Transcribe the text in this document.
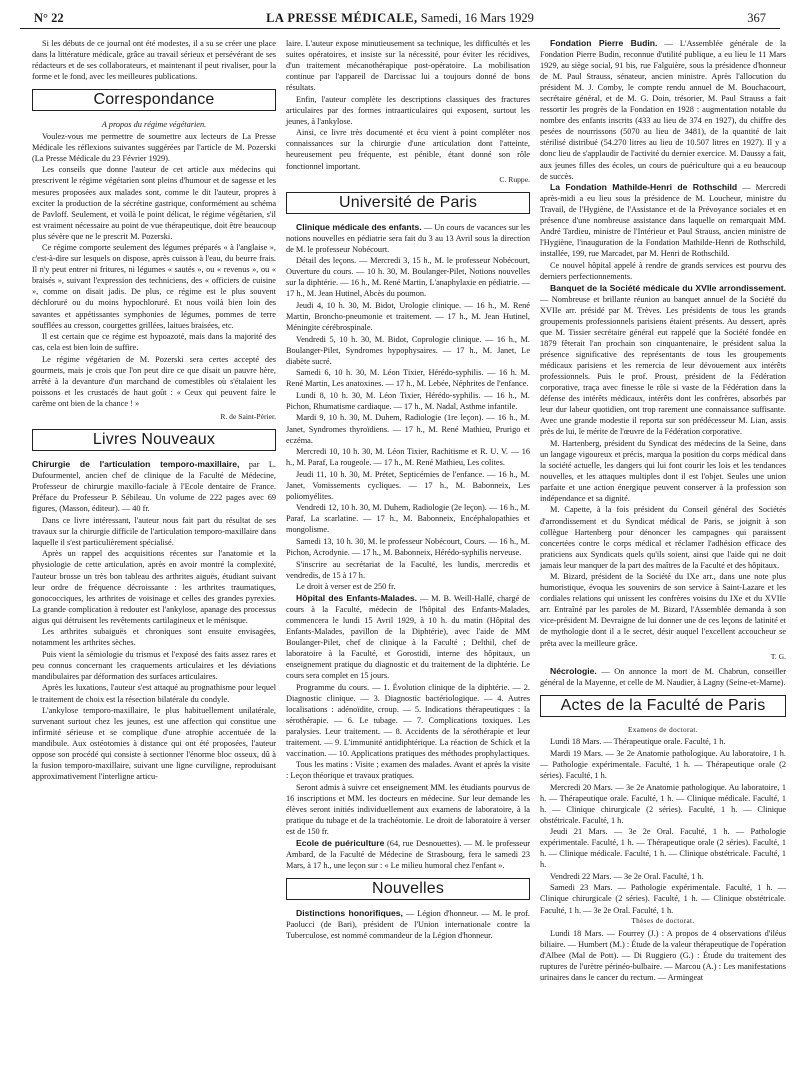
N° 22	LA PRESSE MÉDICALE, Samedi, 16 Mars 1929	367

Si les débuts de ce journal ont été modestes, il a su se créer une place dans la littérature médicale, grâce au travail sérieux et persévérant de ses rédacteurs et de ses collaborateurs, et maintenant il peut rivaliser, pour la forme et le fond, avec les meilleures publications.

Correspondance

A propos du régime végétarien.

Voulez-vous me permettre de soumettre aux lecteurs de La Presse Médicale les réflexions suivantes suggérées par l'article de M. Pozerski (La Presse Médicale du 23 Février 1929).

Les conseils que donne l'auteur de cet article aux médecins qui prescrivent le régime végétarien sont pleins d'humour et de sagesse et les mesures proposées aux malades sont, comme le dit l'auteur, propres à exciter la production de la sécrétine gastrique, conformément au schéma de Pavloff. Seulement, et voilà le point délicat, le régime végétarien, s'il est vraiment nécessaire au point de vue thérapeutique, doit être beaucoup plus sévère que ne le prescrit M. Pozerski.

Ce régime comporte seulement des légumes préparés « à l'anglaise », c'est-à-dire sur lesquels on dispose, après cuisson à l'eau, du beurre frais. Il n'y peut entrer ni fritures, ni légumes « sautés », ou « revenus », ou « braisés », suivant l'expression des techniciens, des « officiers de cuisine », comme on disait jadis. De plus, ce régime est le plus souvent déchloruré ou du moins hypochloruré. Et nous voilà bien loin des savantes et appétissantes symphonies de légumes, pommes de terre soufflées au cresson, courgettes grillées, laitues braisées, etc.

Il est certain que ce régime est hypoazoté, mais dans la majorité des cas, cela est bien loin de suffire.

Le régime végétarien de M. Pozerski sera certes accepté des gourmets, mais je crois que l'on peut dire ce que disait un pauvre hère, arrêté à la devanture d'un marchand de comestibles où s'étalaient les poissons et les crustacés de haut goût : « Ceux qui peuvent faire le carême ont bien de la chance ! »

R. de Saint-Périer.
Livres Nouveaux

Chirurgie de l'articulation temporo-maxillaire, par L. Dufourmentel, ancien chef de clinique de la Faculté de Médecine, Professeur de chirurgie maxillo-faciale à l'Ecole dentaire de France. Préface du Professeur P. Sébileau. Un volume de 222 pages avec 69 figures, (Masson, éditeur). — 40 fr.

Dans ce livre intéressant, l'auteur nous fait part du résultat de ses travaux sur la chirurgie difficile de l'articulation temporo-maxillaire dans laquelle il s'est particulièrement spécialisé.

Après un rappel des acquisitions récentes sur l'anatomie et la physiologie de cette articulation, après en avoir montré la complexité, l'auteur brosse un très bon tableau des arthrites aiguës, étudiant suivant leur ordre de fréquence décroissante : les arthrites traumatiques, gonococciques, les arthrites de voisinage et celles des grandes pyrexies. La grande complication à redouter est l'ankylose, apanage des processus aigus qui détruisent les revêtements cartilagineux et le ménisque.

Les arthrites subaiguës et chroniques sont ensuite envisagées, notamment les arthrites sèches.

Puis vient la sémiologie du trismus et l'exposé des faits assez rares et peu connus concernant les craquements articulaires et les déviations mandibulaires par déformation des surfaces articulaires.

Après les luxations, l'auteur s'est attaqué au prognathisme pour lequel le traitement de choix est la résection bilatérale du condyle.

L'ankylose temporo-maxillaire, le plus habituellement unilatérale, survenant surtout chez les jeunes, est une affection qui constitue une infirmité sérieuse et se complique d'une atrophie accentuée de la mandibule. Aux ostéotomies à distance qui ont été proposées, l'auteur oppose son procédé qui consiste à sectionner l'énorme bloc osseux, dû à la fusion temporo-maxillaire, suivant une ligne curviligne, reproduisant approximativement l'interligne articu-

laire. L'auteur expose minutieusement sa technique, les difficultés et les suites opératoires, et insiste sur la nécessité, pour éviter les récidives, d'un traitement mécanothérapique post-opératoire. La mobilisation continue par l'appareil de Darcissac lui a toujours donné de bons résultats.

Enfin, l'auteur complète les descriptions classiques des fractures articulaires par des formes intraarticulaires qui exposent, surtout les jeunes, à l'ankylose.

Ainsi, ce livre très documenté et écu vient à point compléter nos connaissances sur la chirurgie d'une articulation dont l'atteinte, heureusement peu fréquente, est pénible, étant donné son rôle fonctionnel important.

C. Ruppe.
Université de Paris

Clinique médicale des enfants. — Un cours de vacances sur les notions nouvelles en pédiatrie sera fait du 3 au 13 Avril sous la direction de M. le professeur Nobécourt.

Détail des leçons. — Mercredi 3, 15 h., M. le professeur Nobécourt, Ouverture du cours. — 10 h. 30, M. Boulanger-Pilet, Notions nouvelles sur la diphtérie. — 16 h., M. René Martin, L'anaphylaxie en pédiatrie. — 17 h., M. Jean Hutinel, Abcès du poumon.

Jeudi 4, 10 h. 30, M. Bidot, Urologie clinique. — 16 h., M. René Martin, Broncho-pneumonie et traitement. — 17 h., M. Jean Hutinel, Méningite cérébrospinale.

Vendredi 5, 10 h. 30, M. Bidot, Coprologie clinique. — 16 h., M. Boulanger-Pilet, Syndromes hypophysaires. — 17 h., M. Janet, Le diabète sucré.

Samedi 6, 10 h. 30, M. Léon Tixier, Hérédo-syphilis. — 16 h. M. René Martin, Les anatoxines. — 17 h., M. Lebée, Néphrites de l'enfance.

Lundi 8, 10 h. 30, M. Léon Tixier, Hérédo-syphilis. — 16 h., M. Pichon, Rhumatisme cardiaque. — 17 h., M. Nadal, Asthme infantile.

Mardi 9, 10 h. 30, M. Duhem, Radiologie (1re leçon). — 16 h., M. Janet, Syndromes thyroïdiens. — 17 h., M. René Mathieu, Prurigo et eczéma.

Mercredi 10, 10 h. 30, M. Léon Tixier, Rachitisme et R. U. V. — 16 h., M. Paraf, La rougeole. — 17 h., M. René Mathieu, Les colites.

Jeudi 11, 10 h. 30, M. Prétet, Septicémies de l'enfance. — 16 h., M. Janet, Vomissements cycliques. — 17 h., M. Babonneix, Les poliomyélites.

Vendredi 12, 10 h. 30, M. Duhem, Radiologie (2e leçon). — 16 h., M. Paraf, La scarlatine. — 17 h., M. Babonneix, Encéphalopathies et mongolisme.

Samedi 13, 10 h. 30, M. le professeur Nobécourt, Cours. — 16 h., M. Pichon, Acrodynie. — 17 h., M. Babonneix, Hérédo-syphilis nerveuse.

S'inscrire au secrétariat de la Faculté, les lundis, mercredis et vendredis, de 15 à 17 h.

Le droit à verser est de 250 fr.

Hôpital des Enfants-Malades. — M. B. Weill-Hallé, chargé de cours à la Faculté, médecin de l'hôpital des Enfants-Malades, commencera le lundi 15 Avril 1929, à 10 h. du matin (Hôpital des Enfants-Malades, pavillon de la Diphtérie), avec l'aide de MM Boulanger-Pilet, chef de clinique à la Faculté ; Delthil, chef de laboratoire à la Faculté, et Gorostidi, interne des hôpitaux, un enseignement pratique du diagnostic et du traitement de la diphtérie. Le cours sera complet en 15 jours.

Programme du cours. — 1. Évolution clinique de la diphtérie. — 2. Diagnostic clinique. — 3. Diagnostic bactériologique. — 4. Autres localisations : adénoïdite, croup. — 5. Indications thérapeutiques : la sérothérapie. — 6. Le tubage. — 7. Complications toxiques. Les paralysies. Leur traitement. — 8. Accidents de la sérothérapie et leur traitement. — 9. L'immunité antidiphtérique. La réaction de Schick et la vaccination. — 10. Applications pratiques des méthodes prophylactiques.

Tous les matins : Visite ; examen des malades. Avant et après la visite : Leçon théorique et travaux pratiques.

Seront admis à suivre cet enseignement MM. les étudiants pourvus de 16 inscriptions et MM. les docteurs en médecine. Sur leur demande les élèves seront initiés individuellement aux examens de laboratoire, à la pratique du tubage et de la trachéotomie. Le droit de laboratoire à verser est de 150 fr.

Ecole de puériculture (64, rue Desnouettes). — M. le professeur Ambard, de la Faculté de Médecine de Strasbourg, fera le samedi 23 Mars, à 17 h., une leçon sur : « Le milieu humoral chez l'enfant ».

Nouvelles

Distinctions honorifiques, — Légion d'honneur. — M. le prof. Paolucci (de Bari), président de l'Union internationale contre la Tuberculose, est nommé commandeur de la Légion d'honneur.

Fondation Pierre Budin. — L'Assemblée générale de la Fondation Pierre Budin, reconnue d'utilité publique, a eu lieu le 11 Mars 1929, au siège social, 91 bis, rue Falguière, sous la présidence d'honneur de M. Paul Strauss, sénateur, ancien ministre. Après l'allocution du président M. J. Comby, le compte rendu annuel de M. Bouchacourt, secrétaire général, et de M. G. Doin, trésorier, M. Paul Strauss a fait ressortir les progrès de la Fondation en 1928 : augmentation notable du nombre des enfants inscrits (433 au lieu de 374 en 1927), du chiffre des pesées de nourrissons (5070 au lieu de 3481), de la quantité de lait stérilisé distribué (54.270 litres au lieu de 10.507 litres en 1927). Il y a donc lieu de s'applaudir de l'activité du dernier exercice. M. Daussy a fait, aux jeunes filles des écoles, un cours de puériculture qui a eu beaucoup de succès.

La Fondation Mathilde-Henri de Rothschild — Mercredi après-midi a eu lieu sous la présidence de M. Loucheur, ministre du Travail, de l'Hygiène, de l'Assistance et de la Prévoyance sociales et en présence d'une nombreuse assistance dans laquelle on remarquait MM. André Tardieu, ministre de l'Intérieur et Paul Strauss, ancien ministre de l'Hygiène, l'inauguration de la Fondation Mathilde-Henri de Rothschild, installée, 199, rue Marcadet, par M. Henri de Rothschild.

Ce nouvel hôpital appelé à rendre de grands services est pourvu des derniers perfectionnements.

Banquet de la Société médicale du XVIIe arrondissement. — Nombreuse et brillante réunion au banquet annuel de la Société du XVIIe arr. présidé par M. Trèves. Les présidents de tous les grands groupements professionnels parisiens étaient présents. Au dessert, après que M. Tissier secrétaire général eut rappelé que la Société fondée en 1879 fêterait l'an prochain son cinquantenaire, le président salua la présence significative des représentants de tous les groupements médicaux parisiens et les remercia de leur dévouement aux intérêts professionnels. Puis le prof. Proust, président de la Fédération corporative, traça avec finesse le rôle si vaste de la Fédération dans la défense des intérêts médicaux, intérêts dont les confrères, absorbés par leur dur labeur quotidien, ont trop rarement une connaissance suffisante. Avec une grande modestie il reporta sur son prédécesseur M. Lian, assis près de lui, le mérite de l'œuvre de la Fédération corporative.

M. Hartenberg, président du Syndicat des médecins de la Seine, dans un langage vigoureux et précis, marqua la position du corps médical dans la société actuelle, les dangers qui lui font courir les lois et les tendances nouvelles, et les attaques multiples dont il est l'objet. Seules une union parfaite et une action énergique peuvent conserver à la profession son indépendance et sa dignité.

M. Capette, à la fois président du Conseil général des Sociétés d'arrondissement et du Syndicat médical de Paris, se joignit à son collègue Hartenberg pour dénoncer les campagnes qui paraissent concertées contre le corps médical et réclamer l'adhésion efficace des praticiens aux Syndicats quels qu'ils soient, ainsi que l'aide qui ne doit jamais leur manquer de la part des maîtres de la Faculté et des hôpitaux.

M. Bizard, président de la Société du IXe arr., dans une note plus humoristique, évoqua les souvenirs de son service à Saint-Lazare et les cordiales relations qui unissent les confrères voisins du IXe et du XVIIe arr. Entraîné par les paroles de M. Bizard, l'Assemblée demanda à son vice-président M. Devraigne de lui donner une de ces leçons de latinité et de mythologie dont il a le secret, désir auquel l'excellent accoucheur se prêta avec la meilleure grâce.

T. G.

Nécrologie. — On annonce la mort de M. Chabrun, conseiller général de la Mayenne, et celle de M. Naudier, à Lagny (Seine-et-Marne).

Actes de la Faculté de Paris

Examens de doctorat.

Lundi 18 Mars. — Thérapeutique orale. Faculté, 1 h.

Mardi 19 Mars. — 3e 2e Anatomie pathologique. Au laboratoire, 1 h. — Pathologie expérimentale. Faculté, 1 h. — Thérapeutique orale (2 séries). Faculté, 1 h.

Mercredi 20 Mars. — 3e 2e Anatomie pathologique. Au laboratoire, 1 h. — Thérapeutique orale. Faculté, 1 h. — Clinique médicale. Faculté, 1 h. — Clinique chirurgicale (2 séries). Faculté, 1 h. — Clinique obstétricale. Faculté, 1 h.

Jeudi 21 Mars. — 3e 2e Oral. Faculté, 1 h. — Pathologie expérimentale. Faculté, 1 h. — Thérapeutique orale (2 séries). Faculté, 1 h. — Clinique médicale. Faculté, 1 h. — Clinique obstétricale. Faculté, 1 h.

Vendredi 22 Mars. — 3e 2e Oral. Faculté, 1 h.

Samedi 23 Mars. — Pathologie expérimentale. Faculté, 1 h. — Clinique chirurgicale (2 séries). Faculté, 1 h. — Clinique obstétricale. Faculté, 1 h. — 3e 2e Oral. Faculté, 1 h.

Thèses de doctorat.

Lundi 18 Mars. — Fourrey (J.) : A propos de 4 observations d'iléus biliaire. — Humbert (M.) : Étude de la valeur thérapeutique de l'opération d'Albee (Mal de Pott). — Di Ruggiero (G.) : Étude du traitement des ruptures de l'urètre périnéo-bulbaire. — Marcou (A.) : Les manifestations urinaires dans le cancer du rectum. — Armingeat
